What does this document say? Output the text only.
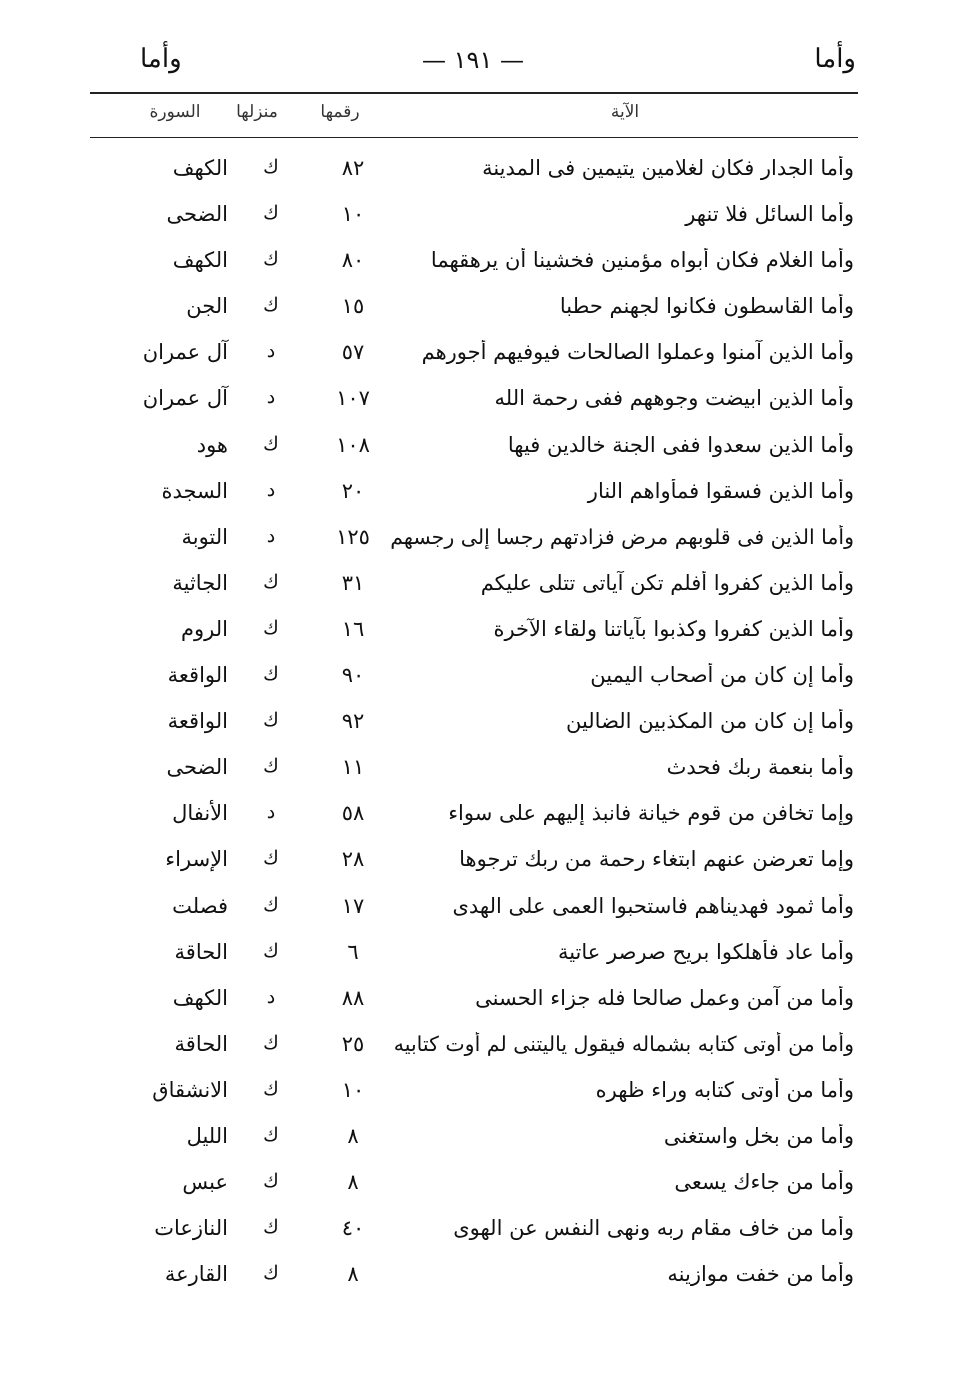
وأما
— ١٩١ —
وأما
الآية
رقمها
منزلها
السورة
وأما الجدار فكان لغلامين يتيمين فى المدينة
٨٢
ك
الكهف
وأما السائل فلا تنهر
١٠
ك
الضحى
وأما الغلام فكان أبواه مؤمنين فخشينا أن يرهقهما
٨٠
ك
الكهف
وأما القاسطون فكانوا لجهنم حطبا
١٥
ك
الجن
وأما الذين آمنوا وعملوا الصالحات فيوفيهم أجورهم
٥٧
د
آل عمران
وأما الذين ابيضت وجوههم ففى رحمة الله
١٠٧
د
آل عمران
وأما الذين سعدوا ففى الجنة خالدين فيها
١٠٨
ك
هود
وأما الذين فسقوا فمأواهم النار
٢٠
د
السجدة
وأما الذين فى قلوبهم مرض فزادتهم رجسا إلى رجسهم
١٢٥
د
التوبة
وأما الذين كفروا أفلم تكن آياتى تتلى عليكم
٣١
ك
الجاثية
وأما الذين كفروا وكذبوا بآياتنا ولقاء الآخرة
١٦
ك
الروم
وأما إن كان من أصحاب اليمين
٩٠
ك
الواقعة
وأما إن كان من المكذبين الضالين
٩٢
ك
الواقعة
وأما بنعمة ربك فحدث
١١
ك
الضحى
وإما تخافن من قوم خيانة فانبذ إليهم على سواء
٥٨
د
الأنفال
وإما تعرضن عنهم ابتغاء رحمة من ربك ترجوها
٢٨
ك
الإسراء
وأما ثمود فهديناهم فاستحبوا العمى على الهدى
١٧
ك
فصلت
وأما عاد فأهلكوا بريح صرصر عاتية
٦
ك
الحاقة
وأما من آمن وعمل صالحا فله جزاء الحسنى
٨٨
د
الكهف
وأما من أوتى كتابه بشماله فيقول ياليتنى لم أوت كتابيه
٢٥
ك
الحاقة
وأما من أوتى كتابه وراء ظهره
١٠
ك
الانشقاق
وأما من بخل واستغنى
٨
ك
الليل
وأما من جاءك يسعى
٨
ك
عبس
وأما من خاف مقام ربه ونهى النفس عن الهوى
٤٠
ك
النازعات
وأما من خفت موازينه
٨
ك
القارعة
